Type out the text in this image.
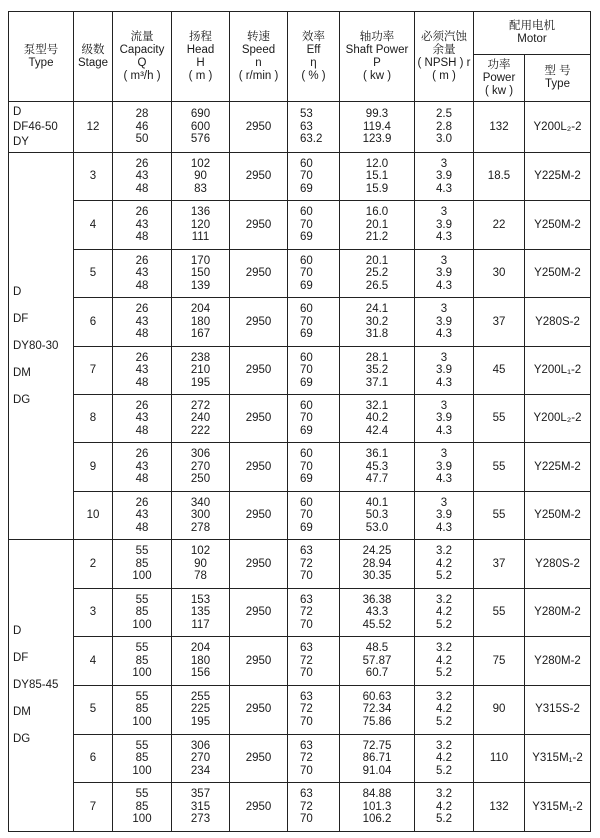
泵型号
Type	级数
Stage	流量
Capacity
Q
( m³/h )	扬程
Head
H
( m )	转速
Speed
n
( r/min )	效率
Eff
η
( % )	轴功率
Shaft Power
P
( kw )	必须汽蚀
余量
( NPSH ) r
( m )	配用电机
Motor	

								功率
Power
( kw )	型 号
Type

D
DF46-50
DY	12	28
46
50	690
600
576	2950	53
63
63.2	99.3
119.4
123.9	2.5
2.8
3.0	132	Y200L₂-2

D
DF
DY80-30
DM
DG	3	26
43
48	102
90
83	2950	60
70
69	12.0
15.1
15.9	3
3.9
4.3	18.5	Y225M-2
	4	26
43
48	136
120
111	2950	60
70
69	16.0
20.1
21.2	3
3.9
4.3	22	Y250M-2
	5	26
43
48	170
150
139	2950	60
70
69	20.1
25.2
26.5	3
3.9
4.3	30	Y250M-2
	6	26
43
48	204
180
167	2950	60
70
69	24.1
30.2
31.8	3
3.9
4.3	37	Y280S-2
	7	26
43
48	238
210
195	2950	60
70
69	28.1
35.2
37.1	3
3.9
4.3	45	Y200L₁-2
	8	26
43
48	272
240
222	2950	60
70
69	32.1
40.2
42.4	3
3.9
4.3	55	Y200L₂-2
	9	26
43
48	306
270
250	2950	60
70
69	36.1
45.3
47.7	3
3.9
4.3	55	Y225M-2
	10	26
43
48	340
300
278	2950	60
70
69	40.1
50.3
53.0	3
3.9
4.3	55	Y250M-2

D
DF
DY85-45
DM
DG	2	55
85
100	102
90
78	2950	63
72
70	24.25
28.94
30.35	3.2
4.2
5.2	37	Y280S-2
	3	55
85
100	153
135
117	2950	63
72
70	36.38
43.3
45.52	3.2
4.2
5.2	55	Y280M-2
	4	55
85
100	204
180
156	2950	63
72
70	48.5
57.87
60.7	3.2
4.2
5.2	75	Y280M-2
	5	55
85
100	255
225
195	2950	63
72
70	60.63
72.34
75.86	3.2
4.2
5.2	90	Y315S-2
	6	55
85
100	306
270
234	2950	63
72
70	72.75
86.71
91.04	3.2
4.2
5.2	110	Y315M₁-2
	7	55
85
100	357
315
273	2950	63
72
70	84.88
101.3
106.2	3.2
4.2
5.2	132	Y315M₁-2
